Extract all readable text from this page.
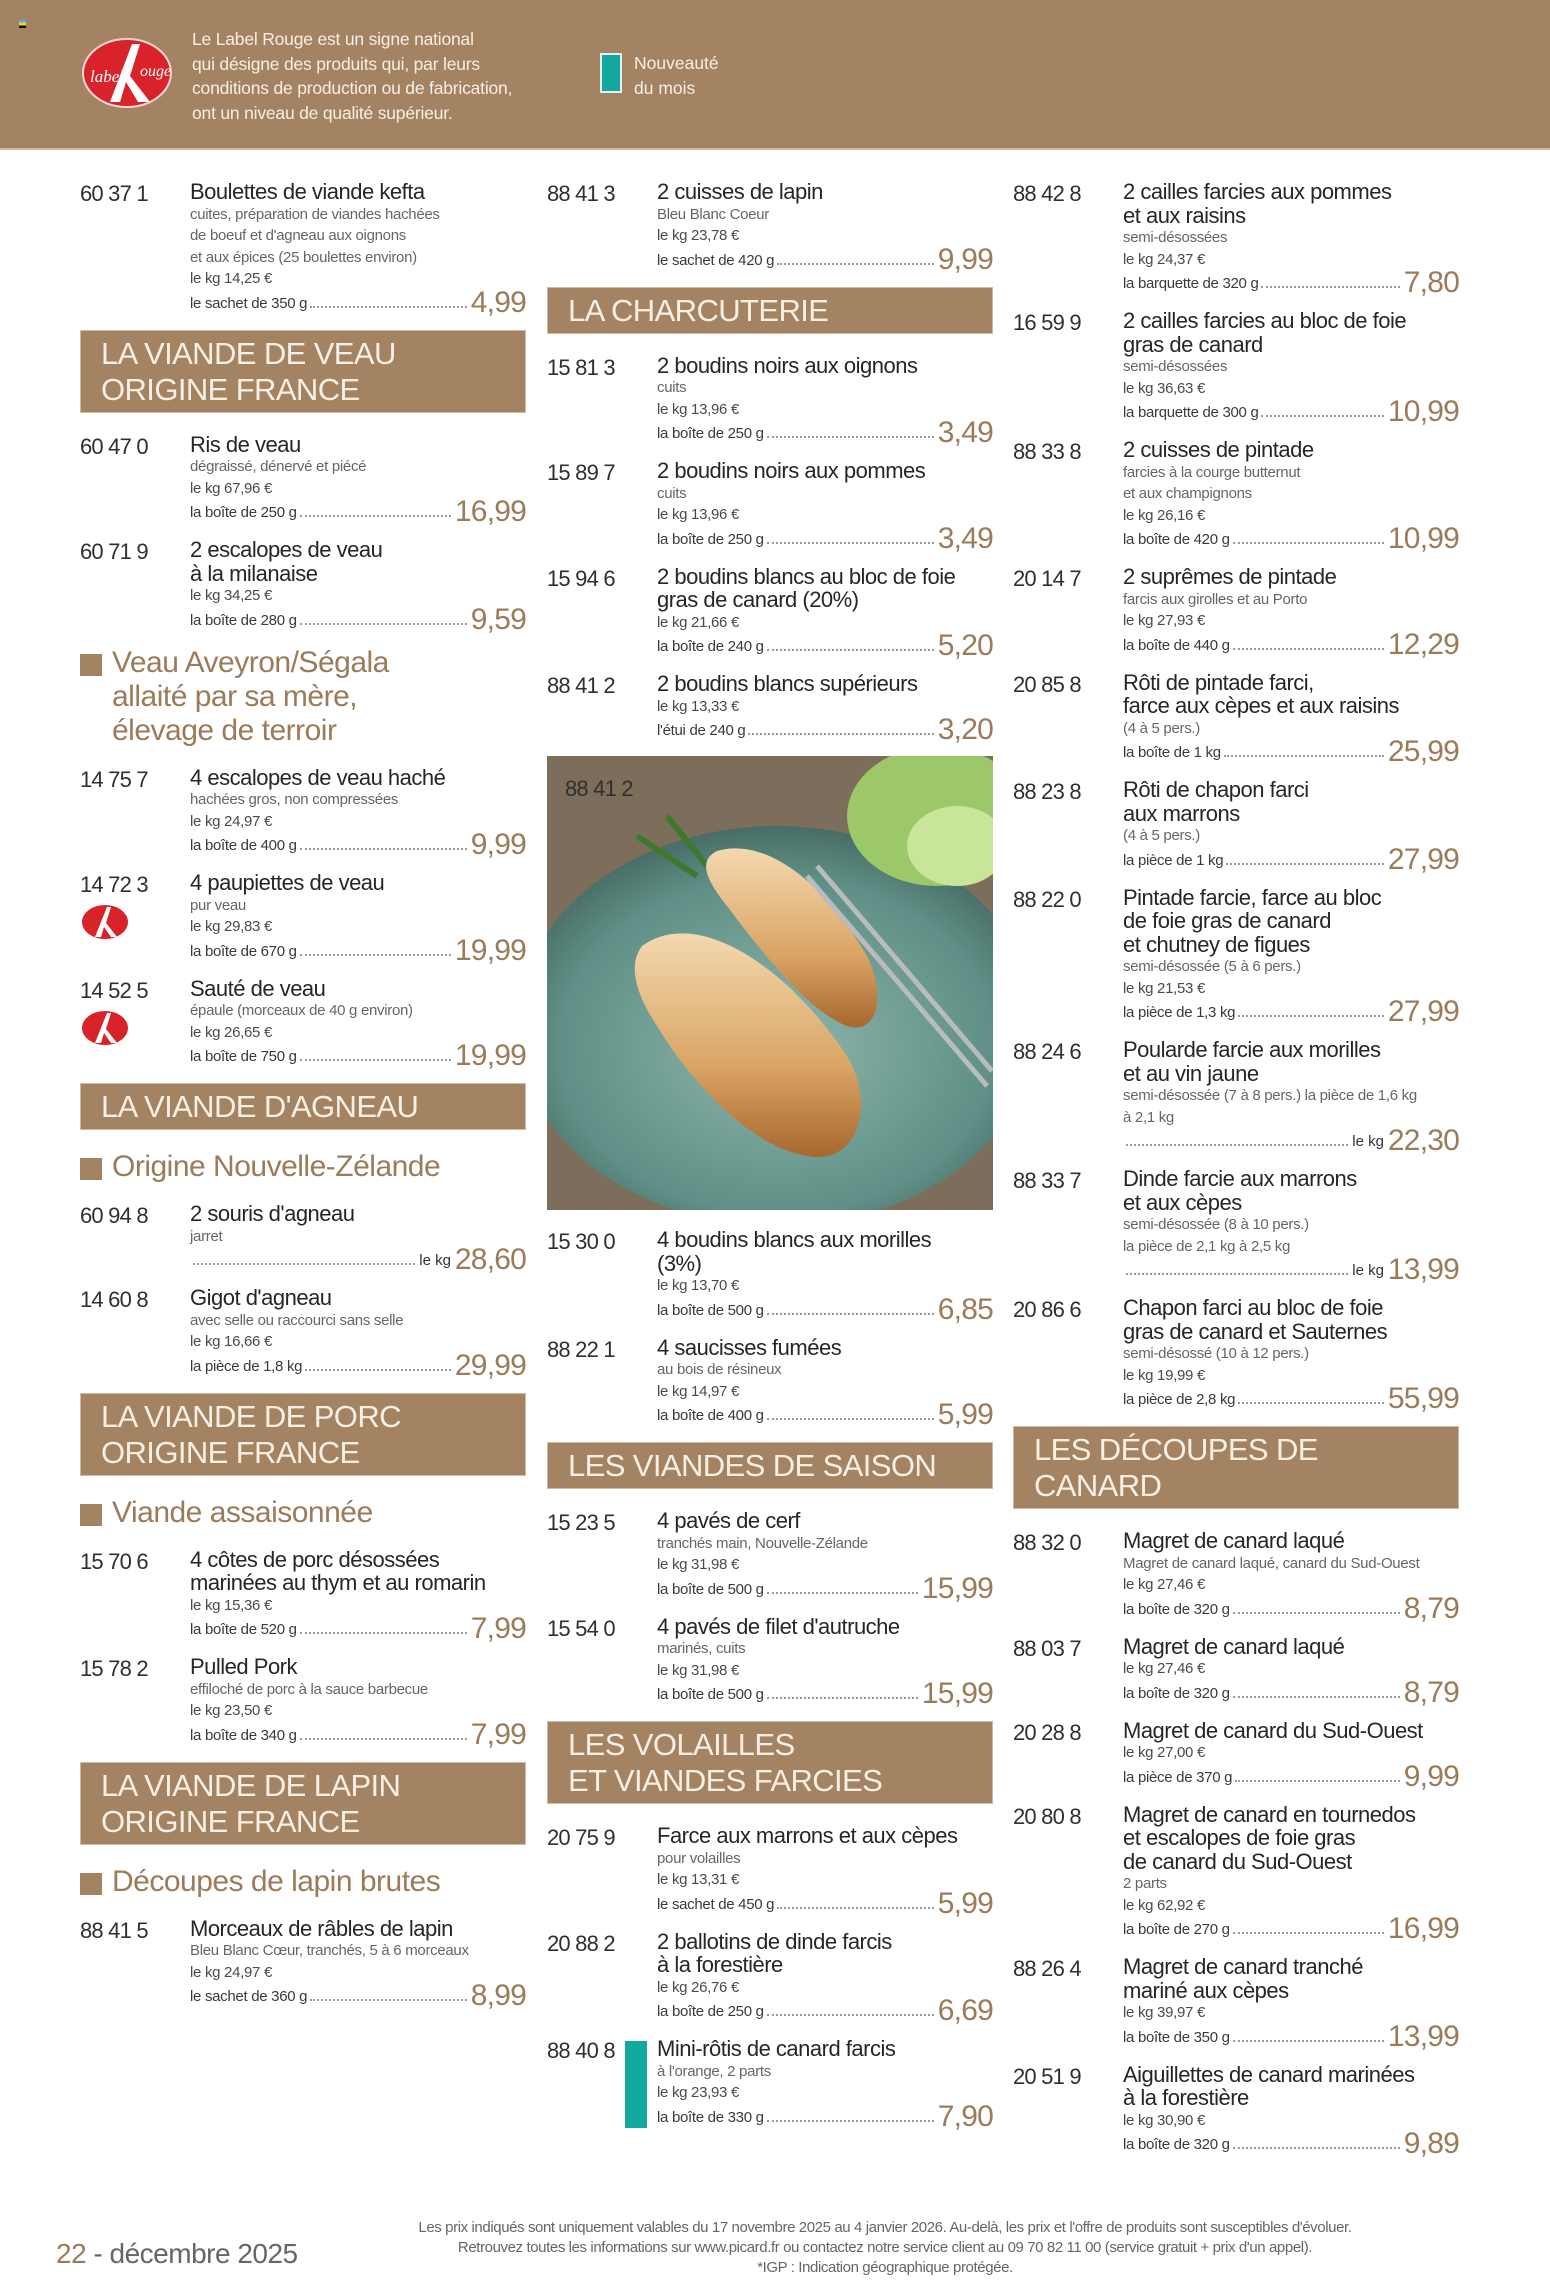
label ouge
Le Label Rouge est un signe national
qui désigne des produits qui, par leurs
conditions de production ou de fabrication,
ont un niveau de qualité supérieur.
Nouveauté
du mois
60 37 1 Boulettes de viande kefta
cuites, préparation de viandes hachées
de boeuf et d'agneau aux oignons
et aux épices (25 boulettes environ)
le kg 14,25 €
le sachet de 350 g	4,99
LA VIANDE DE VEAU
ORIGINE FRANCE
60 47 0 Ris de veau
dégraissé, dénervé et piécé
le kg 67,96 €
la boîte de 250 g	16,99
60 71 9 2 escalopes de veau
à la milanaise
le kg 34,25 €
la boîte de 280 g	9,59
Veau Aveyron/Ségala
allaité par sa mère,
élevage de terroir
14 75 7 4 escalopes de veau haché
hachées gros, non compressées
le kg 24,97 €
la boîte de 400 g	9,99
14 72 3 4 paupiettes de veau
pur veau
le kg 29,83 €
la boîte de 670 g	19,99
14 52 5 Sauté de veau
épaule (morceaux de 40 g environ)
le kg 26,65 €
la boîte de 750 g	19,99
LA VIANDE D'AGNEAU
Origine Nouvelle-Zélande
60 94 8 2 souris d'agneau
jarret
le kg 28,60
14 60 8 Gigot d'agneau
avec selle ou raccourci sans selle
le kg 16,66 €
la pièce de 1,8 kg	29,99
LA VIANDE DE PORC
ORIGINE FRANCE
Viande assaisonnée
15 70 6 4 côtes de porc désossées
marinées au thym et au romarin
le kg 15,36 €
la boîte de 520 g	7,99
15 78 2 Pulled Pork
effiloché de porc à la sauce barbecue
le kg 23,50 €
la boîte de 340 g	7,99
LA VIANDE DE LAPIN
ORIGINE FRANCE
Découpes de lapin brutes
88 41 5 Morceaux de râbles de lapin
Bleu Blanc Cœur, tranchés, 5 à 6 morceaux
le kg 24,97 €
le sachet de 360 g	8,99
88 41 3 2 cuisses de lapin
Bleu Blanc Coeur
le kg 23,78 €
le sachet de 420 g	9,99
LA CHARCUTERIE
15 81 3 2 boudins noirs aux oignons
cuits
le kg 13,96 €
la boîte de 250 g	3,49
15 89 7 2 boudins noirs aux pommes
cuits
le kg 13,96 €
la boîte de 250 g	3,49
15 94 6 2 boudins blancs au bloc de foie
gras de canard (20%)
le kg 21,66 €
la boîte de 240 g	5,20
88 41 2 2 boudins blancs supérieurs
le kg 13,33 €
l'étui de 240 g	3,20
88 41 2
15 30 0 4 boudins blancs aux morilles
(3%)
le kg 13,70 €
la boîte de 500 g	6,85
88 22 1 4 saucisses fumées
au bois de résineux
le kg 14,97 €
la boîte de 400 g	5,99
LES VIANDES DE SAISON
15 23 5 4 pavés de cerf
tranchés main, Nouvelle-Zélande
le kg 31,98 €
la boîte de 500 g	15,99
15 54 0 4 pavés de filet d'autruche
marinés, cuits
le kg 31,98 €
la boîte de 500 g	15,99
LES VOLAILLES
ET VIANDES FARCIES
20 75 9 Farce aux marrons et aux cèpes
pour volailles
le kg 13,31 €
le sachet de 450 g	5,99
20 88 2 2 ballotins de dinde farcis
à la forestière
le kg 26,76 €
la boîte de 250 g	6,69
88 40 8 Mini-rôtis de canard farcis
à l'orange, 2 parts
le kg 23,93 €
la boîte de 330 g	7,90
88 42 8 2 cailles farcies aux pommes
et aux raisins
semi-désossées
le kg 24,37 €
la barquette de 320 g	7,80
16 59 9 2 cailles farcies au bloc de foie
gras de canard
semi-désossées
le kg 36,63 €
la barquette de 300 g	10,99
88 33 8 2 cuisses de pintade
farcies à la courge butternut
et aux champignons
le kg 26,16 €
la boîte de 420 g	10,99
20 14 7 2 suprêmes de pintade
farcis aux girolles et au Porto
le kg 27,93 €
la boîte de 440 g	12,29
20 85 8 Rôti de pintade farci,
farce aux cèpes et aux raisins
(4 à 5 pers.)
la boîte de 1 kg	25,99
88 23 8 Rôti de chapon farci
aux marrons
(4 à 5 pers.)
la pièce de 1 kg	27,99
88 22 0 Pintade farcie, farce au bloc
de foie gras de canard
et chutney de figues
semi-désossée (5 à 6 pers.)
le kg 21,53 €
la pièce de 1,3 kg	27,99
88 24 6 Poularde farcie aux morilles
et au vin jaune
semi-désossée (7 à 8 pers.) la pièce de 1,6 kg
à 2,1 kg
le kg 22,30
88 33 7 Dinde farcie aux marrons
et aux cèpes
semi-désossée (8 à 10 pers.)
la pièce de 2,1 kg à 2,5 kg
le kg 13,99
20 86 6 Chapon farci au bloc de foie
gras de canard et Sauternes
semi-désossé (10 à 12 pers.)
le kg 19,99 €
la pièce de 2,8 kg	55,99
LES DÉCOUPES DE CANARD
88 32 0 Magret de canard laqué
Magret de canard laqué, canard du Sud-Ouest
le kg 27,46 €
la boîte de 320 g	8,79
88 03 7 Magret de canard laqué
le kg 27,46 €
la boîte de 320 g	8,79
20 28 8 Magret de canard du Sud-Ouest
le kg 27,00 €
la pièce de 370 g	9,99
20 80 8 Magret de canard en tournedos
et escalopes de foie gras
de canard du Sud-Ouest
2 parts
le kg 62,92 €
la boîte de 270 g	16,99
88 26 4 Magret de canard tranché
mariné aux cèpes
le kg 39,97 €
la boîte de 350 g	13,99
20 51 9 Aiguillettes de canard marinées
à la forestière
le kg 30,90 €
la boîte de 320 g	9,89
22 - décembre 2025
Les prix indiqués sont uniquement valables du 17 novembre 2025 au 4 janvier 2026. Au-delà, les prix et l'offre de produits sont susceptibles d'évoluer.
Retrouvez toutes les informations sur www.picard.fr ou contactez notre service client au 09 70 82 11 00 (service gratuit + prix d'un appel).
*IGP : Indication géographique protégée.
